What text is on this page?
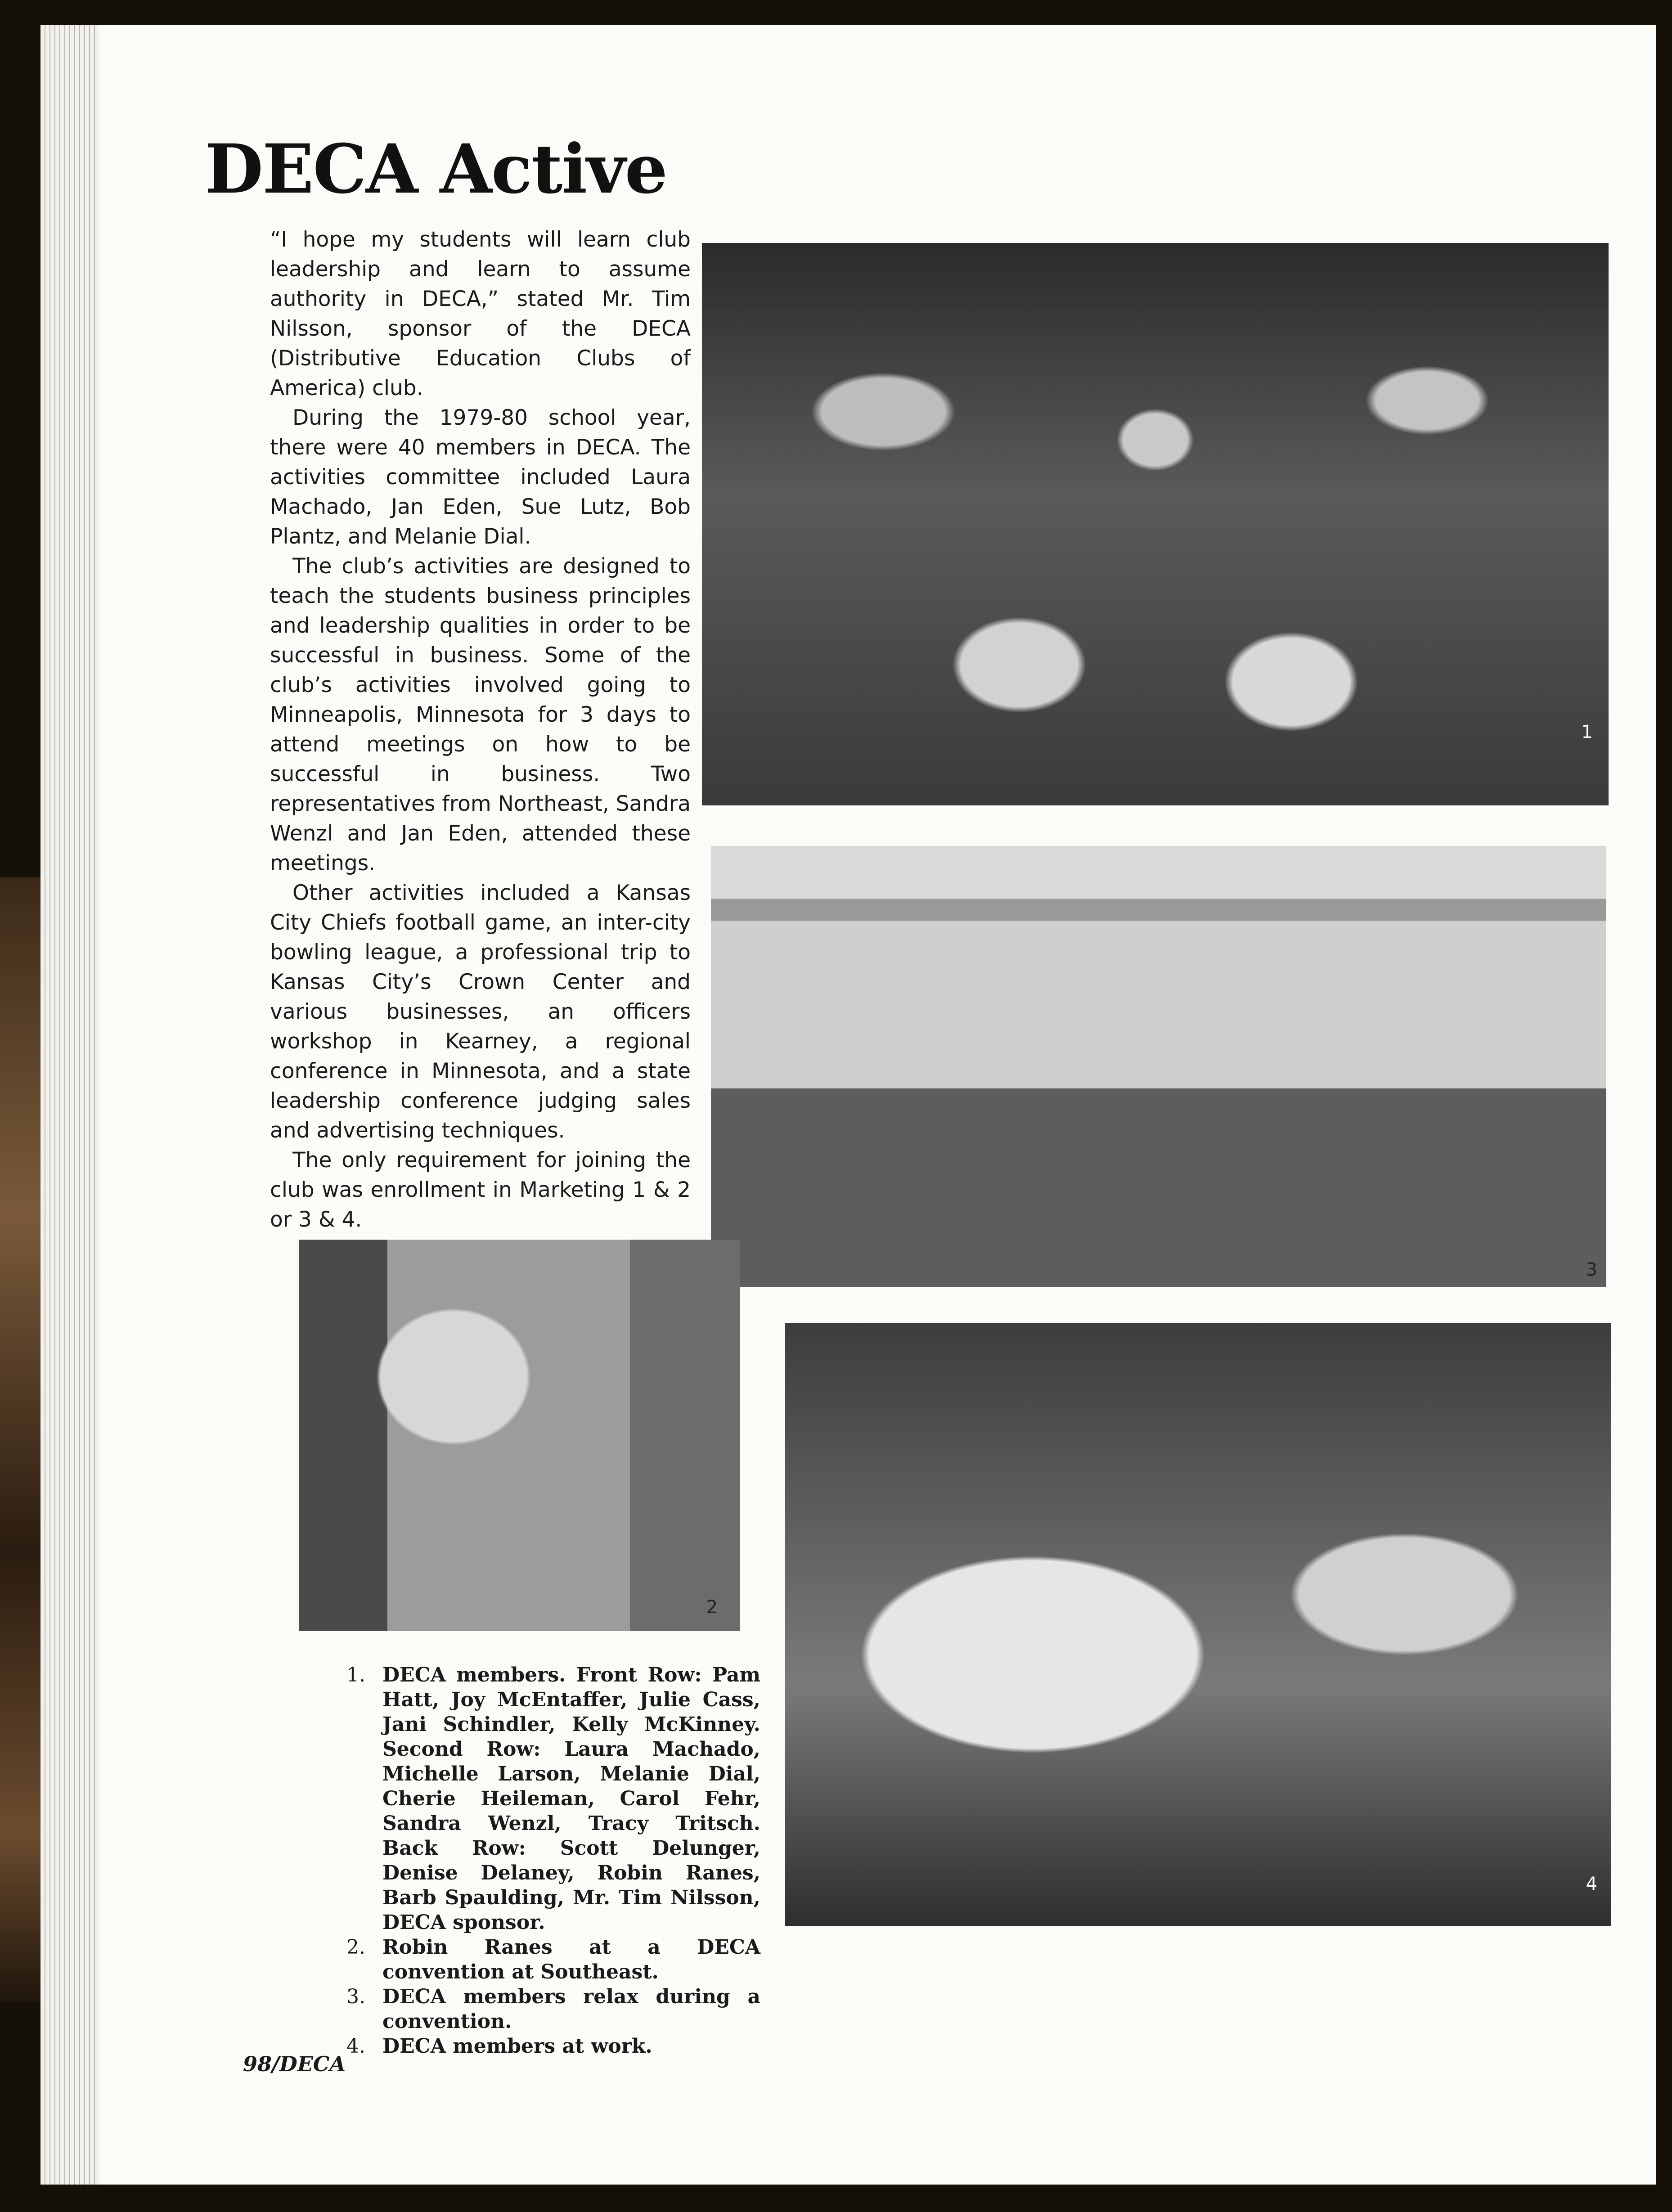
DECA Active

“I hope my students will learn club leadership and learn to assume authority in DECA,” stated Mr. Tim Nilsson, sponsor of the DECA (Distributive Education Clubs of America) club.

During the 1979-80 school year, there were 40 members in DECA. The activities committee included Laura Machado, Jan Eden, Sue Lutz, Bob Plantz, and Melanie Dial.

The club’s activities are designed to teach the students business principles and leadership qualities in order to be successful in business. Some of the club’s activities involved going to Minneapolis, Minnesota for 3 days to attend meetings on how to be successful in business. Two representatives from Northeast, Sandra Wenzl and Jan Eden, attended these meetings.

Other activities included a Kansas City Chiefs football game, an inter-city bowling league, a professional trip to Kansas City’s Crown Center and various businesses, an officers workshop in Kearney, a regional conference in Minnesota, and a state leadership conference judging sales and advertising techniques.

The only requirement for joining the club was enrollment in Marketing 1 & 2 or 3 & 4.

1
3
2
4
1. DECA members. Front Row: Pam Hatt, Joy McEntaffer, Julie Cass, Jani Schindler, Kelly McKinney. Second Row: Laura Machado, Michelle Larson, Melanie Dial, Cherie Heileman, Carol Fehr, Sandra Wenzl, Tracy Tritsch. Back Row: Scott Delunger, Denise Delaney, Robin Ranes, Barb Spaulding, Mr. Tim Nilsson, DECA sponsor.
2. Robin Ranes at a DECA convention at Southeast.
3. DECA members relax during a convention.
4. DECA members at work.
98/DECA
